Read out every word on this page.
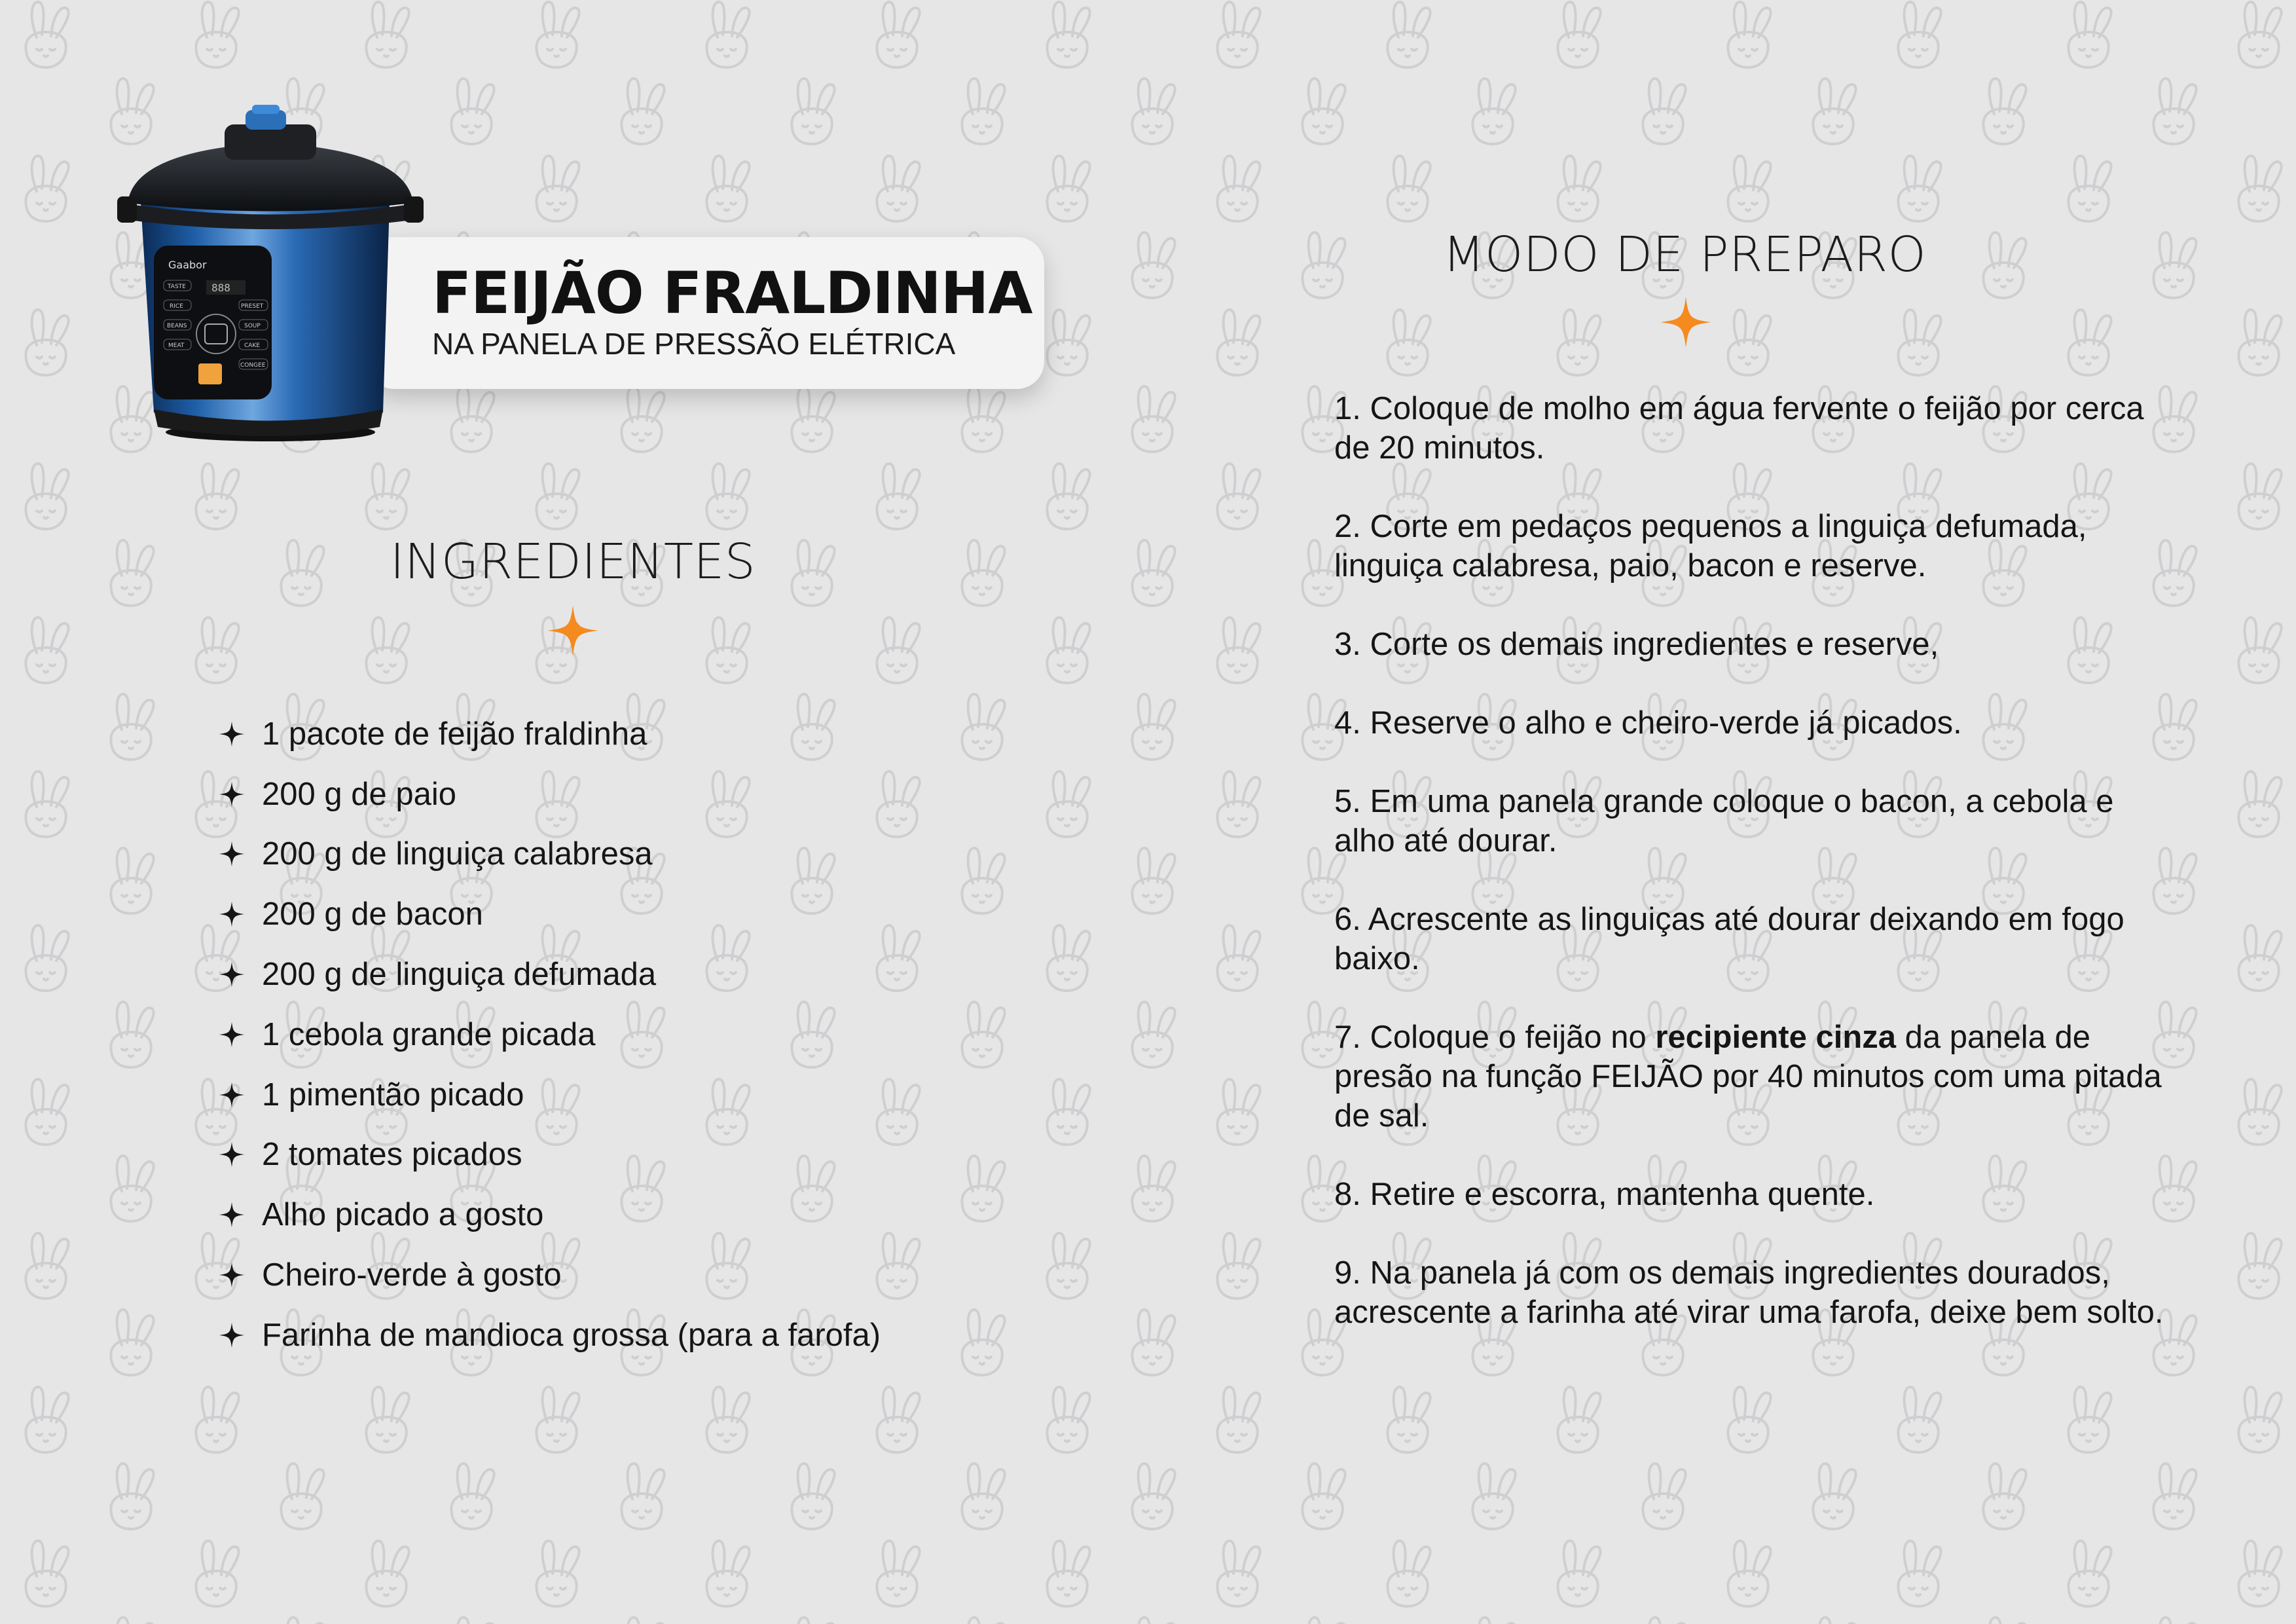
FEIJÃO FRALDINHA
NA PANELA DE PRESSÃO ELÉTRICA
Gaabor
888
TASTE
RICE
BEANS
MEAT
PRESET
SOUP
CAKE
CONGEE
INGREDIENTES
1 pacote de feijão fraldinha
200 g de paio
200 g de linguiça calabresa
200 g de bacon
200 g de linguiça defumada
1 cebola grande picada
1 pimentão picado
2 tomates picados
Alho picado a gosto
Cheiro-verde à gosto
Farinha de mandioca grossa (para a farofa)
MODO DE PREPARO
1. Coloque de molho em água fervente o feijão por cerca de 20 minutos.
2. Corte em pedaços pequenos a linguiça defumada, linguiça calabresa, paio, bacon e reserve.
3. Corte os demais ingredientes e reserve,
4. Reserve o alho e cheiro-verde já picados.
5. Em uma panela grande coloque o bacon, a cebola e alho até dourar.
6. Acrescente as linguiças até dourar deixando em fogo baixo.
7. Coloque o feijão no recipiente cinza da panela de presão na função FEIJÃO por 40 minutos com uma pitada de sal.
8. Retire e escorra, mantenha quente.
9. Na panela já com os demais ingredientes dourados, acrescente a farinha até virar uma farofa, deixe bem solto.
